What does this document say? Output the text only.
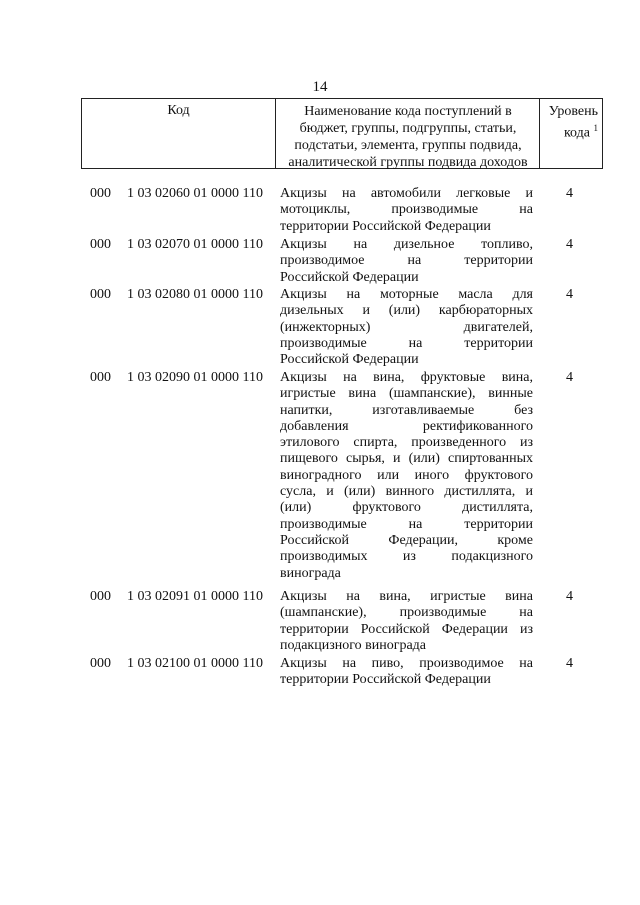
14
Код	Наименование кода поступлений в
бюджет, группы, подгруппы, статьи,
подстатьи, элемента, группы подвида,
аналитической группы подвида доходов
Уровень
кода $^1$
000 1 03 02060 01 0000 110 Акцизы на автомобили легковые и
мотоциклы, производимые на
территории Российской Федерации
4
000 1 03 02070 01 0000 110 Акцизы на дизельное топливо,
производимое на территории
Российской Федерации
4
000 1 03 02080 01 0000 110 Акцизы на моторные масла для
дизельных и (или) карбюраторных
(инжекторных) двигателей,
производимые на территории
Российской Федерации
4
000 1 03 02090 01 0000 110 Акцизы на вина, фруктовые вина,
игристые вина (шампанские), винные
напитки, изготавливаемые без
добавления ректификованного
этилового спирта, произведенного из
пищевого сырья, и (или) спиртованных
виноградного или иного фруктового
сусла, и (или) винного дистиллята, и
(или) фруктового дистиллята,
производимые на территории
Российской Федерации, кроме
производимых из подакцизного
винограда
4
000 1 03 02091 01 0000 110 Акцизы на вина, игристые вина
(шампанские), производимые на
территории Российской Федерации из
подакцизного винограда
4
000 1 03 02100 01 0000 110 Акцизы на пиво, производимое на
территории Российской Федерации
4
